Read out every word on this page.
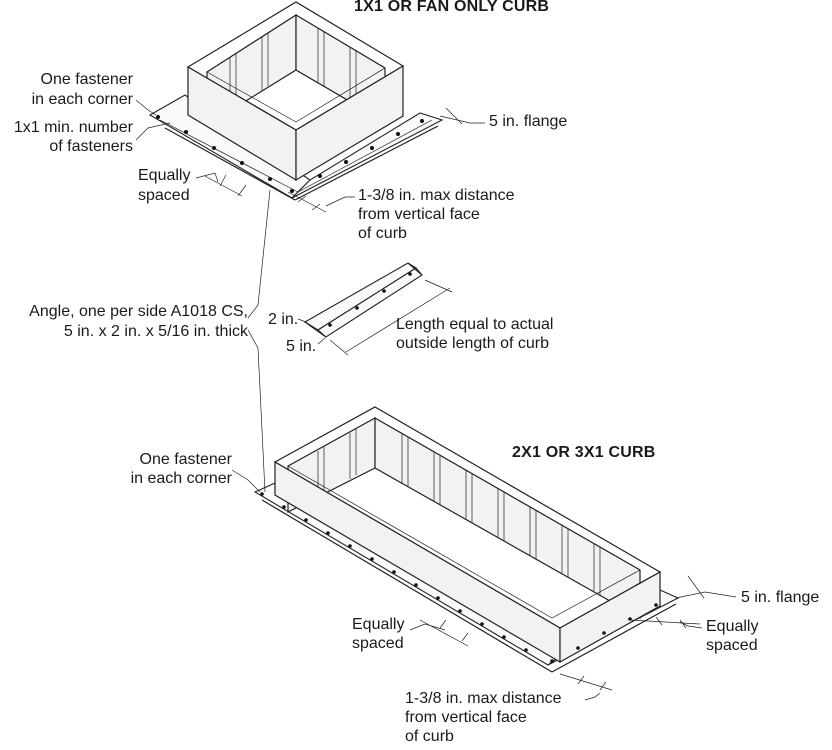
1X1 OR FAN ONLY CURB
One fastener
in each corner
1x1 min. number
of fasteners
Equally
spaced
5 in. flange
1-3/8 in. max distance
from vertical face
of curb
Angle, one per side A1018 CS,
5 in. x 2 in. x 5/16 in. thick
2 in.
5 in.
Length equal to actual
outside length of curb
2X1 OR 3X1 CURB
One fastener
in each corner
Equally
spaced
Equally
spaced
5 in. flange
1-3/8 in. max distance
from vertical face
of curb
